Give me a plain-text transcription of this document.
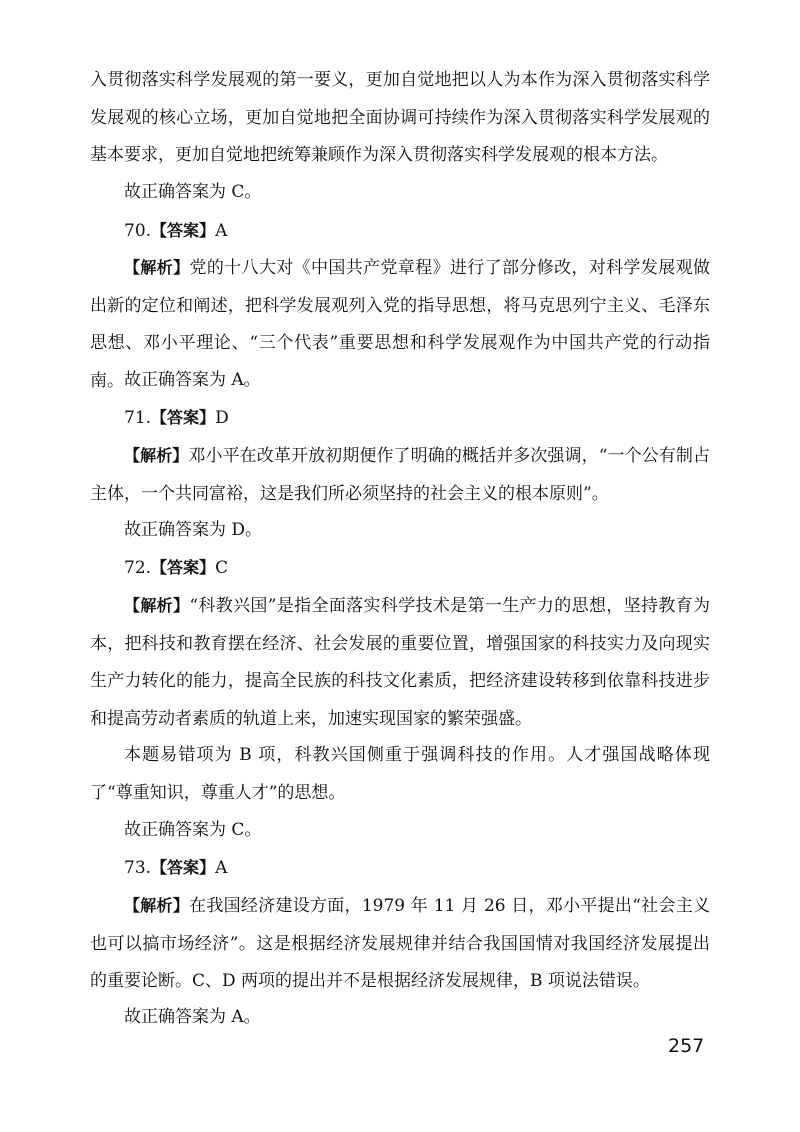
入贯彻落实科学发展观的第一要义，更加自觉地把以人为本作为深入贯彻落实科学发展观的核心立场，更加自觉地把全面协调可持续作为深入贯彻落实科学发展观的基本要求，更加自觉地把统筹兼顾作为深入贯彻落实科学发展观的根本方法。

故正确答案为 C。

70.【答案】A

【解析】党的十八大对《中国共产党章程》进行了部分修改，对科学发展观做出新的定位和阐述，把科学发展观列入党的指导思想，将马克思列宁主义、毛泽东思想、邓小平理论、“三个代表”重要思想和科学发展观作为中国共产党的行动指南。 故正确答案为 A。

71.【答案】D

【解析】邓小平在改革开放初期便作了明确的概括并多次强调，“一个公有制占主体，一个共同富裕，这是我们所必须坚持的社会主义的根本原则”。

故正确答案为 D。

72.【答案】C

【解析】“科教兴国”是指全面落实科学技术是第一生产力的思想，坚持教育为本，把科技和教育摆在经济、社会发展的重要位置，增强国家的科技实力及向现实生产力转化的能力，提高全民族的科技文化素质，把经济建设转移到依靠科技进步和提高劳动者素质的轨道上来，加速实现国家的繁荣强盛。

本题易错项为 B 项，科教兴国侧重于强调科技的作用。人才强国战略体现了“尊重知识，尊重人才”的思想。

故正确答案为 C。

73.【答案】A

【解析】在我国经济建设方面，1979 年 11 月 26 日，邓小平提出“社会主义也可以搞市场经济”。这是根据经济发展规律并结合我国国情对我国经济发展提出的重要论断。C、D 两项的提出并不是根据经济发展规律，B 项说法错误。

故正确答案为 A。

257
